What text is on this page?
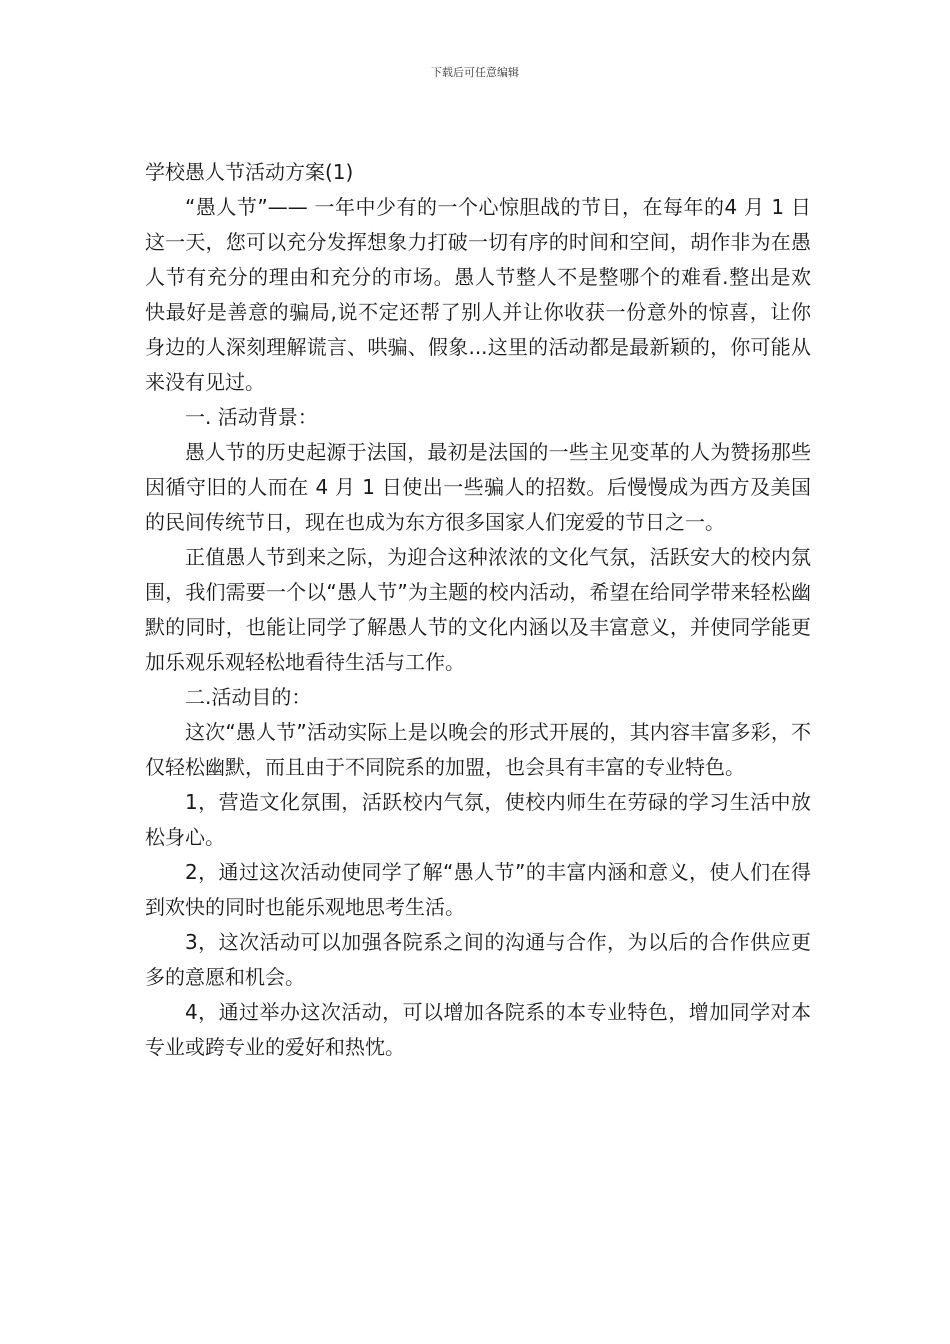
下载后可任意编辑

学校愚人节活动方案(1)

“愚人节”—— 一年中少有的一个心惊胆战的节日，在每年的4 月 1 日这一天，您可以充分发挥想象力打破一切有序的时间和空间，胡作非为在愚人节有充分的理由和充分的市场。愚人节整人不是整哪个的难看.整出是欢快最好是善意的骗局,说不定还帮了别人并让你收获一份意外的惊喜，让你身边的人深刻理解谎言、哄骗、假象...这里的活动都是最新颖的，你可能从来没有见过。

一. 活动背景：

愚人节的历史起源于法国，最初是法国的一些主见变革的人为赞扬那些因循守旧的人而在 4 月 1 日使出一些骗人的招数。后慢慢成为西方及美国的民间传统节日，现在也成为东方很多国家人们宠爱的节日之一。

正值愚人节到来之际，为迎合这种浓浓的文化气氛，活跃安大的校内氛围，我们需要一个以“愚人节”为主题的校内活动，希望在给同学带来轻松幽默的同时，也能让同学了解愚人节的文化内涵以及丰富意义，并使同学能更加乐观乐观轻松地看待生活与工作。

二.活动目的：

这次“愚人节”活动实际上是以晚会的形式开展的，其内容丰富多彩，不仅轻松幽默，而且由于不同院系的加盟，也会具有丰富的专业特色。

1，营造文化氛围，活跃校内气氛，使校内师生在劳碌的学习生活中放松身心。

2，通过这次活动使同学了解“愚人节”的丰富内涵和意义，使人们在得到欢快的同时也能乐观地思考生活。

3，这次活动可以加强各院系之间的沟通与合作，为以后的合作供应更多的意愿和机会。

4，通过举办这次活动，可以增加各院系的本专业特色，增加同学对本专业或跨专业的爱好和热忱。
